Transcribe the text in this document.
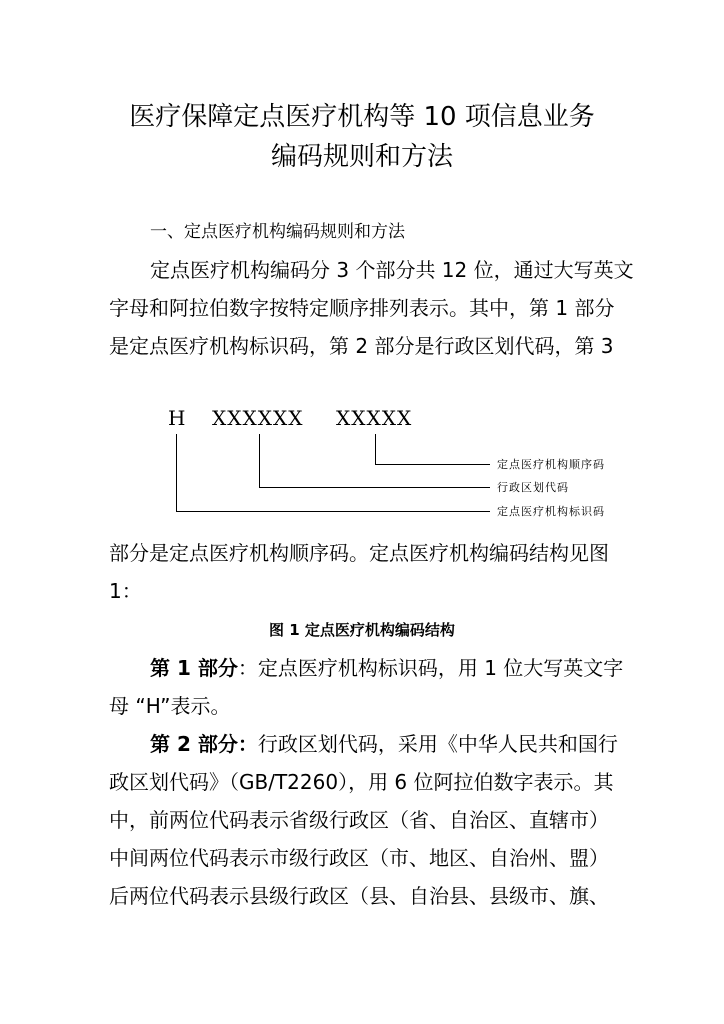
医疗保障定点医疗机构等 10 项信息业务
编码规则和方法
一、定点医疗机构编码规则和方法
定点医疗机构编码分 3 个部分共 12 位，通过大写英文
字母和阿拉伯数字按特定顺序排列表示。其中，第 1 部分
是定点医疗机构标识码，第 2 部分是行政区划代码，第 3
H XXXXXX XXXXX
定点医疗机构顺序码
行政区划代码
定点医疗机构标识码
部分是定点医疗机构顺序码。定点医疗机构编码结构见图
1：
图 1 定点医疗机构编码结构
第 1 部分：定点医疗机构标识码，用 1 位大写英文字
母 “H”表示。
第 2 部分：行政区划代码，采用《中华人民共和国行
政区划代码》（GB/T2260），用 6 位阿拉伯数字表示。其
中，前两位代码表示省级行政区（省、自治区、直辖市）
中间两位代码表示市级行政区（市、地区、自治州、盟）
后两位代码表示县级行政区（县、自治县、县级市、旗、
